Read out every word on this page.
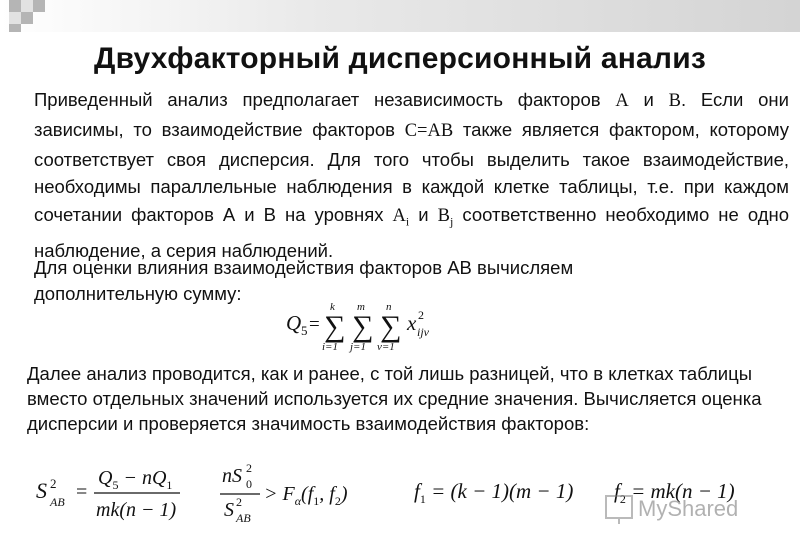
Двухфакторный дисперсионный анализ
Приведенный анализ предполагает независимость факторов A и B. Если они зависимы, то взаимодействие факторов C=AB также является фактором, которому соответствует своя дисперсия. Для того чтобы выделить такое взаимодействие, необходимы параллельные наблюдения в каждой клетке таблицы, т.е. при каждом сочетании факторов А и В на уровнях $A_i$ и $B_j$ соответственно необходимо не одно наблюдение, а серия наблюдений.
Для оценки влияния взаимодействия факторов АВ вычисляем дополнительную сумму:
Q 5 =
k
∑
i=1
m
∑
j=1
n
∑
v=1
x 2
ijv
Далее анализ проводится, как и ранее, с той лишь разницей, что в клетках таблицы вместо отдельных значений используется их средние значения. Вычисляется оценка дисперсии и проверяется значимость взаимодействия факторов:
S 2
AB =
$Q_5 - nQ_1$
mk(n − 1)
nS 2
0
S 2
AB
> $F_\alpha(f_1$, $f_2$)	$f_1 = (k - 1)(m - 1) f_2 = mk(n - 1)$
MyShared
